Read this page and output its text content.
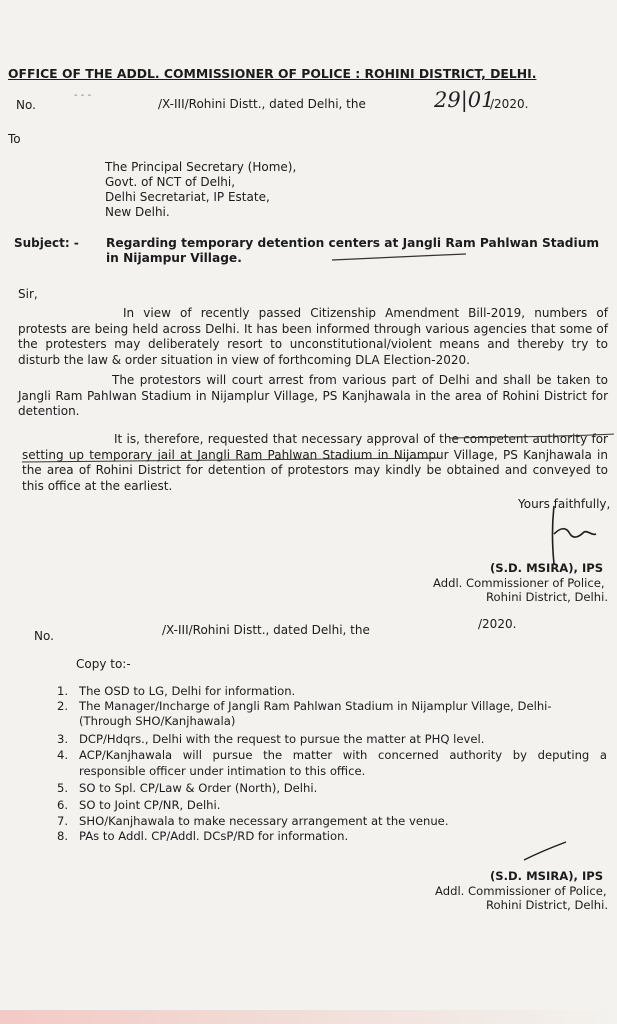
OFFICE OF THE ADDL. COMMISSIONER OF POLICE : ROHINI DISTRICT, DELHI.
No.
- - -
/X-III/Rohini Distt., dated Delhi, the	29|01
/2020.
To
The Principal Secretary (Home),
Govt. of NCT of Delhi,
Delhi Secretariat, IP Estate,
New Delhi.
Subject: - Regarding temporary detention centers at Jangli Ram Pahlwan Stadium
in Nijampur Village.
Sir,
In view of recently passed Citizenship Amendment Bill-2019, numbers of protests are being held across Delhi. It has been informed through various agencies that some of the protesters may deliberately resort to unconstitutional/violent means and thereby try to disturb the law & order situation in view of forthcoming DLA Election-2020.
The protestors will court arrest from various part of Delhi and shall be taken to Jangli Ram Pahlwan Stadium in Nijamplur Village, PS Kanjhawala in the area of Rohini District for detention.
It is, therefore, requested that necessary approval of the competent authority for setting up temporary jail at Jangli Ram Pahlwan Stadium in Nijampur Village, PS Kanjhawala in the area of Rohini District for detention of protestors may kindly be obtained and conveyed to this office at the earliest.
Yours faithfully,
(S.D. MSIRA), IPS
Addl. Commissioner of Police,
Rohini District, Delhi.
No.	/X-III/Rohini Distt., dated Delhi, the	/2020.
Copy to:-
1. The OSD to LG, Delhi for information.
2. The Manager/Incharge of Jangli Ram Pahlwan Stadium in Nijamplur Village, Delhi-
(Through SHO/Kanjhawala)
3. DCP/Hdqrs., Delhi with the request to pursue the matter at PHQ level.
4. ACP/Kanjhawala will pursue the matter with concerned authority by deputing a
responsible officer under intimation to this office.
5. SO to Spl. CP/Law & Order (North), Delhi.
6. SO to Joint CP/NR, Delhi.
7. SHO/Kanjhawala to make necessary arrangement at the venue.
8. PAs to Addl. CP/Addl. DCsP/RD for information.
(S.D. MSIRA), IPS
Addl. Commissioner of Police,
Rohini District, Delhi.
